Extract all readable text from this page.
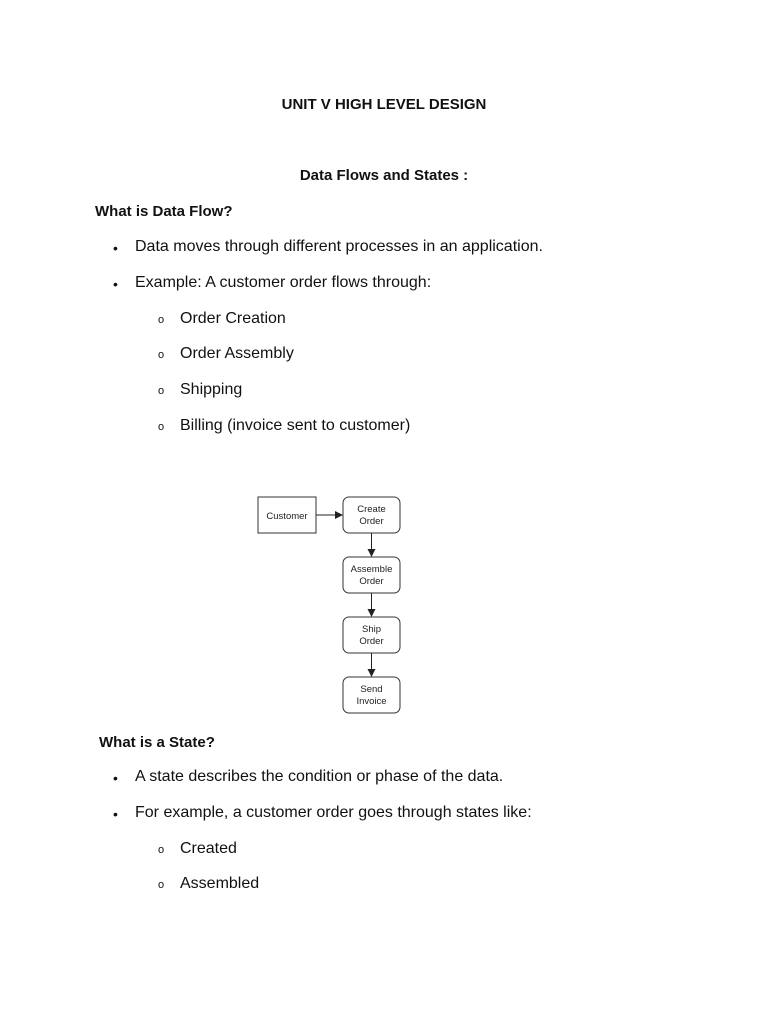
UNIT V HIGH LEVEL DESIGN
Data Flows and States :
What is Data Flow?
• Data moves through different processes in an application.
• Example: A customer order flows through:
o Order Creation
o Order Assembly
o Shipping
o Billing (invoice sent to customer)
Customer
Create
Order
Assemble
Order
Ship
Order
Send
Invoice
What is a State?
• A state describes the condition or phase of the data.
• For example, a customer order goes through states like:
o Created
o Assembled
